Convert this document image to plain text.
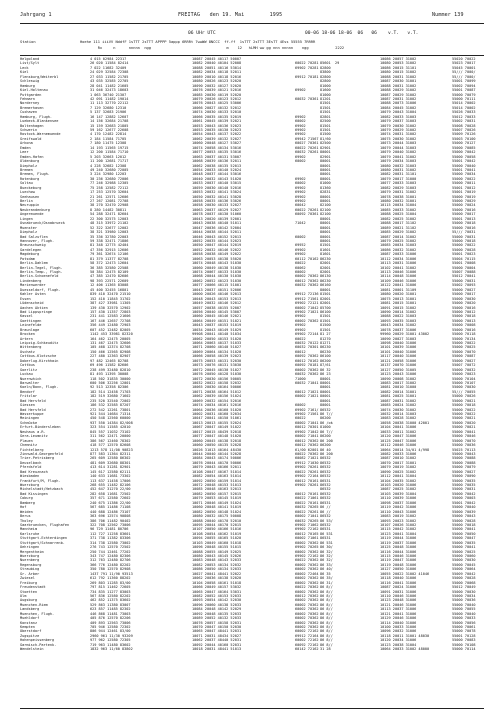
Jahrgang 1	FREITAG   den 19. Mai        1995	Nummer 139
06 UHr UTC	00-06 18-06 18-06  06   06    v.T.   v.T.
Station                    Hoehe 111 iiiVV NddfF 1sTTT 2sTTT APPPP 5appp 6RRRt 7wwWW 8NCCC  ff-ff  1sTTT 2sTTT 3EsTT 4Ess 55555 7RRRR
Rx     n      nnnnn  ngg                                  m    12   hLMH ww gg nnn nnnnn    ngg            2222
Helgoland	4 015 02984 22317	10087 20045 40117 50007	10086 20057 31002	55020 70022
List/Sylt	26 020 11584 82414	10082 20040 40104 52008	60022 70281 85601  29	10080 20053 31002	55023 70017
Leck	7 022 11682 32409	10088 20051 40116 53014	69902 70281 82800	10086 20015 31101	55045 70001
Kiel	24 029 32584 72308	10082 20034 40118 52011	83800	10080 20015 31002	55/// 7000/
Flensburg/Weiterbl	27 033 11582 21705	10089 20010 40118 52016	69912 70181 82800	10088 20031 31002	55/// 7000/
Schleswig	43 035 32585 22705	10080 20026 40123 52020	82800	10087 20030 31001	55001 70099
Hamburg	28 041 11482 21605	10090 20032 40127 52020	81000	10088 20031 31002	55002 70094
Kiel-Holtenau	31 046 32473 18603	10076 20039 40121 52016	69902	81600	10088 20029 31002	55001 70087
Puttgarden	1 063 36740 21307	10085 20030 40119 52020	81000	10087 20029 31002	55000 70079
Fehmarn	42 091 11482 19014	10079 20026 40123 52012	60032 70361 81201	10087 20031 31002	55000 70111
Norderney	11 113 32770 22112	10076 20043 40125 53006	81501	10088 20073 31006	55014 70002
Bremerhaven	7 129 32680 12310	10066 20027 40132 52012	81501	10084 20045 31002	55014 70002
Cuxhaven	5 137 32683 21906	10074 20030 40133 52010	81501	10079 20043 31004	55026 70033
Hamburg, Flugh.	16 147 12882 12607	10066 20035 40135 52019	69902	82801	10082 20033 31003	55012 70033
Luebeck-Blankensee	14 156 32684 21708	10061 20045 40139 52021	60002	82500	10079 20037 31003	55002 70031
Boltenhagen	15 159 32683 21805	10053 20043 40136 52023	69902	81501	10079 20030 31002	55008 70028
Schwerin	59 162 12677 22608	10053 20035 40130 52023	69902	81501	10079 20029 31002	55007 70026
Rostock-Warnemuende	4 170 12482 22814	10054 20043 40137 52022	69902	81500	10074 20031 31002	55009 70126
Greifswald	2 184 11584 71705	10062 20039 40132 52027	69942 71567 81/60	10075 20030 31002	55003 70100
Arkona	7 180 11475 12308	10060 20048 40127 53027	60027 70361 82500	10073 20044 31003	55000 70127
Emden	14 193 11565 19715	10074 20058 40134 53016	60022 70261 82901	10079 20044 31003	55000 70085
Leer	12 200 11584 71710	10077 20053 40135 53016	60032 70261 80001	10079 20040 31002	55000 70042
Emden-Hafen	5 203 32663 12012	10063 20037 40131 53007	69902	82901	10079 20041 31002	55000 70058
Oldenburg	11 200 12681 71717	10068 20039 40136 52011	60002	80001	10079 20034 31003	55001 70042
Diepholz	4 228 32682 12308	10062 20038 40135 52013	80001	10080 20032 31003	55000 70040
Bremen	49 240 32680 72005	10054 20033 40140 52024	80001	10080 20031 31002	55001 70041
Bremen, Flugh.	3 224 32980 12203	10048 20037 40144 53016	80001	10082 20031 31101	55000 70034
Rotenburg	30 236 32680 72006	10040 20032 40143 51020	69902	80001	10079 20017 31000	55000 70022
Soltau	77 246 32988 12305	10033 20037 40140 53015	60002	81000	10077 20033 31003	55000 70011
Bueckeburg	75 258 12582 72112	10059 20030 40140 52016	69902	81360	10082 20029 31003	55001 70012
Luechow	17 253 12570 32604	10053 20032 40141 53024	69902	82831	10079 20031 31002	55001 70019
Seehausen	21 261 12571 12606	10050 20032 40141 53028	69902	80001	10078 20038 31001	55000 70019
Berlin	27 267 12081 72708	10058 20035 40136 53026	69902	80001	10080 20032 31001	55000 70029
Neuruppin	38 270 32470 22908	10058 20030 40133 52027	60042	82100	10115 20034 31004	55000 70024
Neubrandenburg	8 280 14482 30811	10063 20037 40129 52027	60022 70261 82100	10085 20033 31002	55000 70016
Angermuende	54 288 32471 82604	10078 20037 40130 51060	60092 70361 82100	10088 20025 31004	55000 70017
Lingen	22 300 32575 12003	10043 20020 40139 52001	80001	10082 20025 31002	55001 70013
Osnabrueck/Osnabrueck	48 315 33972 21102	10043 20038 40140 51011	71042	80001	10088 20017 31102	55000 70018
Muenster	52 322 32677 12002	10047 20036 40142 52004	80001	10089 20021 31102	55000 70016
Diepholz	38 321 33980 12003	10044 20038 40144 52011	80001	10085 20029 31002	55/// 70031
Bad Salzuflen	35 336 32780 22003	10046 20043 40152 52013	60002	80001	10087 20014 31002	55000 70031
Hannover, Flugh.	59 338 32471 71806	10052 20035 40144 52023	80001	10079 20025 31002	55000 70018
Braunschweig	81 348 12775 42404	10050 20047 40144 52019	69952	81501	10085 20034 31003	55000 70022
Gardelegen	47 356 32915 12606	10052 20032 40146 52022	69902	81601	10086 20032 31002	55000 70028
Magdeburg	79 361 32674 12106	10058 20038 40149 52022	69902	81601	10087 20033 31006	55001 70023
Potsdam	81 379 11377 82708	10063 20053 40138 55020	60112 70162 86230	10112 20034 31006	55004 70115
Berlin-Dahlem	58 372 12473 12604	10074 20048 40143 51030	60022	82001	10113 20031 31006	55001 70008
Berlin-Tegel, Flugh.	36 385 32580 22508	10060 20049 40138 51030	60062	82001	10102 20041 31002	55000 70004
Berlin-Temp., Flugh.	50 384 12475 82109	10074 20067 40133 51030	60002	82001	10113 20046 31006	55007 70088
Berlin-Schoenefeld	47 385 12470 82606	10068 20044 40130 51030	60002 70362 86130	10114 20048 31006	55012 70041
Lindenberg	98 393 22571 22609	10062 20052 40123 51030	60012 70362 86230	10109 20046 31006	55000 70031
Marienwerder	12 406 11365 83008	10077 20066 40115 51001	60032 70362 86160	10122 20041 31006	55002 70093
Duesseldorf, Flugh.	45 400 32455 16801	10043 20037 40151 52006	80001	10081 20001 31109	55000 70027
Kahler Asten	839 410 32470 21510	10000 20026 40146 52013	69912 72136 81501	10080 20020 31001	55000 70017
Essen	152 410 11845 31702	10048 20043 40153 52013	69912 71561 82001	10075 20013 31001	55000 70030
Lüdenscheid	387 427 33981 11305	10049 20032 40146 52012	69902 72121 82001	10081 20015 31001	55000 70020
Aachen Aktien	139 430 32570 12902	10057 20038 40155 52007	60002 71042 85700	10091 20015 31002	55000 70016
Bad Lippspringe	157 430 11357 72803	10056 20040 40145 53007	69902 71021 86100	10090 20014 31002	55000 70012
Kassel	231 441 12583 21606	10060 20045 40146 52021	69902	81501	10088 20022 31003	55000 70018
Goettingen	167 446 12657 72708	10064 20049 40151 51021	60002 70362 81501	10093 20035 31003	55000 70013
Leinefelde	356 449 12480 72903	10043 20037 40153 51019	69902	81500	10043 20034 31002	55000 70008
Braunlage	607 452 12482 82005	10034 20043 40149 51029	69902	81501	10078 20037 31006	55000 70016
Brocken	1142 453 33981 82320	99908 20041 40140 51034	69902 72144 81 27	99960 20029 31001 43002	55000 70118
Artern	164 462 12475 20005	10062 20050 40153 51020	60022	81270	10090 20027 31003	55000 70134
Leipzig-Schkeuditz	131 467 12475 32606	10064 20063 40137 51033	60032 70122 81271	10098 20040 31006	55000 70022
Wittenberg	105 468 12374 82708	10071 20060 40140 51027	60032 70301 86230	10101 20039 31006	55000 70025
Oschatz	150 466 12565 82908	10069 20064 40134 51020	60012	86230	10101 20040 31006	55000 70070
Cottbus-Klotzsche	227 480 12363 82907	10066 20058 40139 52023	60092 70362 86100	10117 20040 31006	55000 70087
Doberlug-Kirchhain	97 482 12465 82708	10075 20053 40131 52030	60012 70162 86200	10121 20058 31006	55000 70027
Cottbus	69 496 11582 82606	10073 20076 40131 53030	60092 70181 87/61	10137 20070 31006	55007 70072
Goerlitz	238 499 32480 82810	10072 20045 40130 51027	60002 70362 86 32	10127 20050 31005	55000 70032
Luckau	81 493 11395 30008	10076 20050 40128 51030	60032 70362 86 23	10123 20043 31006	55000 70023
Nuernwhich	118 502 31835 30000	10072 20030 40156 50005	71000	80001	10090 20008 31002	55000 70104
Barwalter	600 506 32256 12001	10032 20022 40158 52032	60032 71041 80001	10083 20017 31002	55000 70107
Koeln/Bonn, Flugh.	92 513 12358 82306	10065 20030 40164 50006	80001	10081 20010 31000	55000 70030
Bendorf	182 514 12458 71703	10071 20038 40164 51012	60012 71021 80001	10082 20014 31001	55/// 70055
Fritzlar	182 519 32680 71602	10062 20039 40156 51024	60002 71021 80001	10081 20025 31001	55000 70026
Bad Hersfeld	235 520 32540 72002	10069 20032 40154 52016	80001	10087 20031 31002	55000 70021
Giessen	186 532 32585 87207	10074 20034 40161 52016	60002	80001	10085 20024 31002	55000 70018
Bad Hersfeld	272 542 12261 73801	10064 20036 40160 51020	69902 7161/ 86532	10074 20030 31002	55000 70022
Wasserkuppe	921 544 14684 71314	10002 20031 40160 52034	69902 71561 86 7//	10032 20014 31003	55000 70022
Meiningen	450 548 12560 60000	10047 20041 40150 51061	60022	86200	10083 20028 31002	55000 70021
Schmücke	937 550 14384 82/008	10013 20013 40155 52024	60002 71041 86 /ok	10058 20038 31000 42001	55000 70020
Erfurt-Bindersleben	323 554 11585 42010	10067 20047 40149 51022	60012 70301 81000	10104 20041 31006	55000 70021
Neuhaus a.R.	845 557 11032 73102	10017 20015 48439 52018	69902 71042 86 7//	10033 20011 31002	55000 70041
Gera-Leumnitz	311 562 12471 20000	10077 20047 40148 51020	60002 71041 86200	10120 20047 31006	55000 70046
Plauen	386 567 12460 78302	10060 20045 40138 52018	60012 70362 86 200	10125 20047 31006	55000 70070
Chemnitz	418 577 12570 82608	10060 20050 40135 52028	60012 70362 86200	10112 20046 31006	55000 70036
Fichtelberg	1213 578 11/00 90823	10026 31013 40164 48430	61/00 62001 86 40	10064 20014 34/01 4/998	55025 70113
Zinnwald-Georgenfeld	877 583 11364 82311	10044 20040 40144 52028	60022 70362 86 200	10082 20033 31006	55000 70043
Trier-Petrisberg	265 609 12580 86302	10084 20043 40174 50006	60082 71021 86532	10087 20010 31002	55000 70088
Deuselbach	481 609 32680 88301	10076 20044 40170 50006	69912 71030 86532	10070 20017 31001	55000 70088
Pferdsfeld	413 614 31281 82901	10079 20043 40166 52011	69902 70261 86532	10079 20019 31002	55000 70079
Bad Kreuznach	145 617 12580 62111	10108 20047 40167 51014	60022 70261 86532	10090 20025 31002	55000 70027
Wiesbaden	140 633 11681 73302	10082 20054 40163 51014	69902 72164 86532	10112 20041 31004	55000 70090
Frankfurt/M, Flugh.	113 637 11458 17006	10092 20050 40159 51014	60012 70161 86531	10104 20035 31002	55000 70035
Wuerzburg	268 655 11482 82106	10072 20048 40153 51013	69902 70261 86532	10103 20020 31006	55000 70035
Michelstadt/Hetzbach	452 647 31270 22/00	10085 20048 40163 52013	86532	10087 20025 31002	55000 70031
Bad Kissingen	282 658 11681 72502	10082 20050 40157 52015	60012 70161 86532	10103 20039 31004	55000 70042
Coburg	357 671 12580 72602	10079 20053 40145 51019	60022 71061 86532	10110 20039 31006	55000 70003
Bamberg	240 675 11386 22/00	10071 20046 40149 51024	60022 70161 86531	10098 20037 31006	55001 70042
Hof	567 685 11486 71108	10060 20048 40141 51019	60032 70265 86 //	10119 20042 31006	55000 70040
Weiden	440 688 12486 73107	10082 20050 40148 51024	60022 70261 86 //	10110 20043 31006	55000 70039
Berus	363 696 12574 90808	10080 20032 40175 50008	60002 71041 86532	10083 20019 31002	55000 70043
Tholey	386 706 11482 90402	10088 20040 40170 52010	60032 70265 86 53/	10093 20023 31002	55000 70028
Saarbruecken, Flughafen	322 708 12562 73006	10095 20044 40170 52015	69902 71062 86532	10107 20026 31002	55000 70018
Mannheim	96 729 11481 80706	10107 20050 40166 51016	69902 72162 86531	10115 20042 31002	55000 70041
Karlsruhe	112 727 11258 83601	10108 20054 40162 51019	60012 70165 86 531	10123 20041 31004	55000 70050
Stuttgart-Echterdingen	371 738 11382 83306	10094 20055 40165 51020	60002 71061 86531	10119 20044 31006	55000 70047
Stuttgart/Schnarrenb.	314 738 12580 73002	10103 20049 40160 51018	60002 70362 86 531	10119 20037 31006	55000 70035
Oehringen	276 743 12570 72502	10096 20048 40155 51015	69902 70265 86 30/	10125 20048 31006	55000 70041
Mergentheim	250 744 12461 77202	10088 20055 40149 52025	60002 70362 86 32/	10116 20044 31006	55000 70025
Wuerzburg	343 747 12480 82306	10080 20043 40145 52026	69902 72162 86 32/	10115 20046 31006	55000 70060
Nuernberg	312 763 12480 82706	10083 20048 40143 52033	60022 70362 86 32/	10119 20047 31006	55000 70030
Regensburg	366 776 12480 82202	10082 20053 40134 52032	60002 70362 86 33/	10119 20048 31006	55000 70045
Straubing	350 780 12570 82908	10086 20050 40134 52033	60002 70362 86 40/	10127 20050 31006	55000 70064
Gr. Arber	1437 791 11/90 93513	10027 20041 48441 52022	60002 72464 86 35	10055 20022 31002 41046	55009 70042
Zwiesel	612 792 11360 88202	10062 20036 40138 52020	60002 70362 86 35/	10118 20040 31006	55000 70028
Freiburg	269 803 11285 83/00	10104 20058 40161 51018	60002 70362 86 31/	10116 20041 31006	55000 70068
Freudenstadt	797 815 11462 72605	10066 20049 40157 53032	60022 70362 86 8//	10087 20024 31006	55012 70049
Stoetten	734 835 11277 83003	10065 20047 40164 53031	60002 70362 86 8//	10091 20031 31006	55000 70030
Ulm	567 836 12580 82202	10082 20052 40153 52033	60012 70362 86 8//	10110 20046 31006	55000 70034
Augsburg	462 852 11375 83602	10093 20054 40142 52030	60002 70362 86 8//	10123 20048 31006	55000 70036
Muenchen-Riem	529 863 11380 83007	10096 20060 40138 52033	60002 70362 86 8//	10121 20046 31006	55000 70040
Landsberg	623 857 11485 82302	10084 20048 40142 52029	60002 70362 86 8//	10113 20037 31006	55000 70055
Muenchen, Flugh.	446 868 11481 73003	10092 20048 40135 52033	60002 70362 86 8//	10121 20041 31006	55000 70040
Muehldorf	405 876 12570 82206	10089 20052 40132 52033	60002 70362 86 8//	10129 20046 31006	55000 70033
Konstanz	409 893 12563 73006	10076 20057 40158 52031	60002 70362 86 8//	10114 20040 31006	55000 70056
Kempten	705 946 12580 72302	10070 20047 40150 52030	60002 70362 86 8//	10100 20033 31006	55000 70061
Oberstdorf	806 944 12461 83/00	10065 20047 48441 52031	60002 72162 86 8//	10096 20032 31006	55000 70078
Zugspitze	2960 961 11/30 93209	10071 20031 48434 52027	69912 72164 86 8//	10118 20011 31001 48030	55001 70128
Hohenpeissenberg	977 962 12580 72305	10062 20037 48440 52031	60002 72162 86 8//	10120 20034 31006	55000 70083
Garmisch-Partenk.	719 963 11480 83602	10092 20044 40160 52031	60092 72162 86 8//	10123 20038 31004	55000 70108
Wendelstein	1832 963 11/60 83802	10018 20031 48441 51013	60142 72162 31 28	10064 20033 31002 48000	55000 70114
